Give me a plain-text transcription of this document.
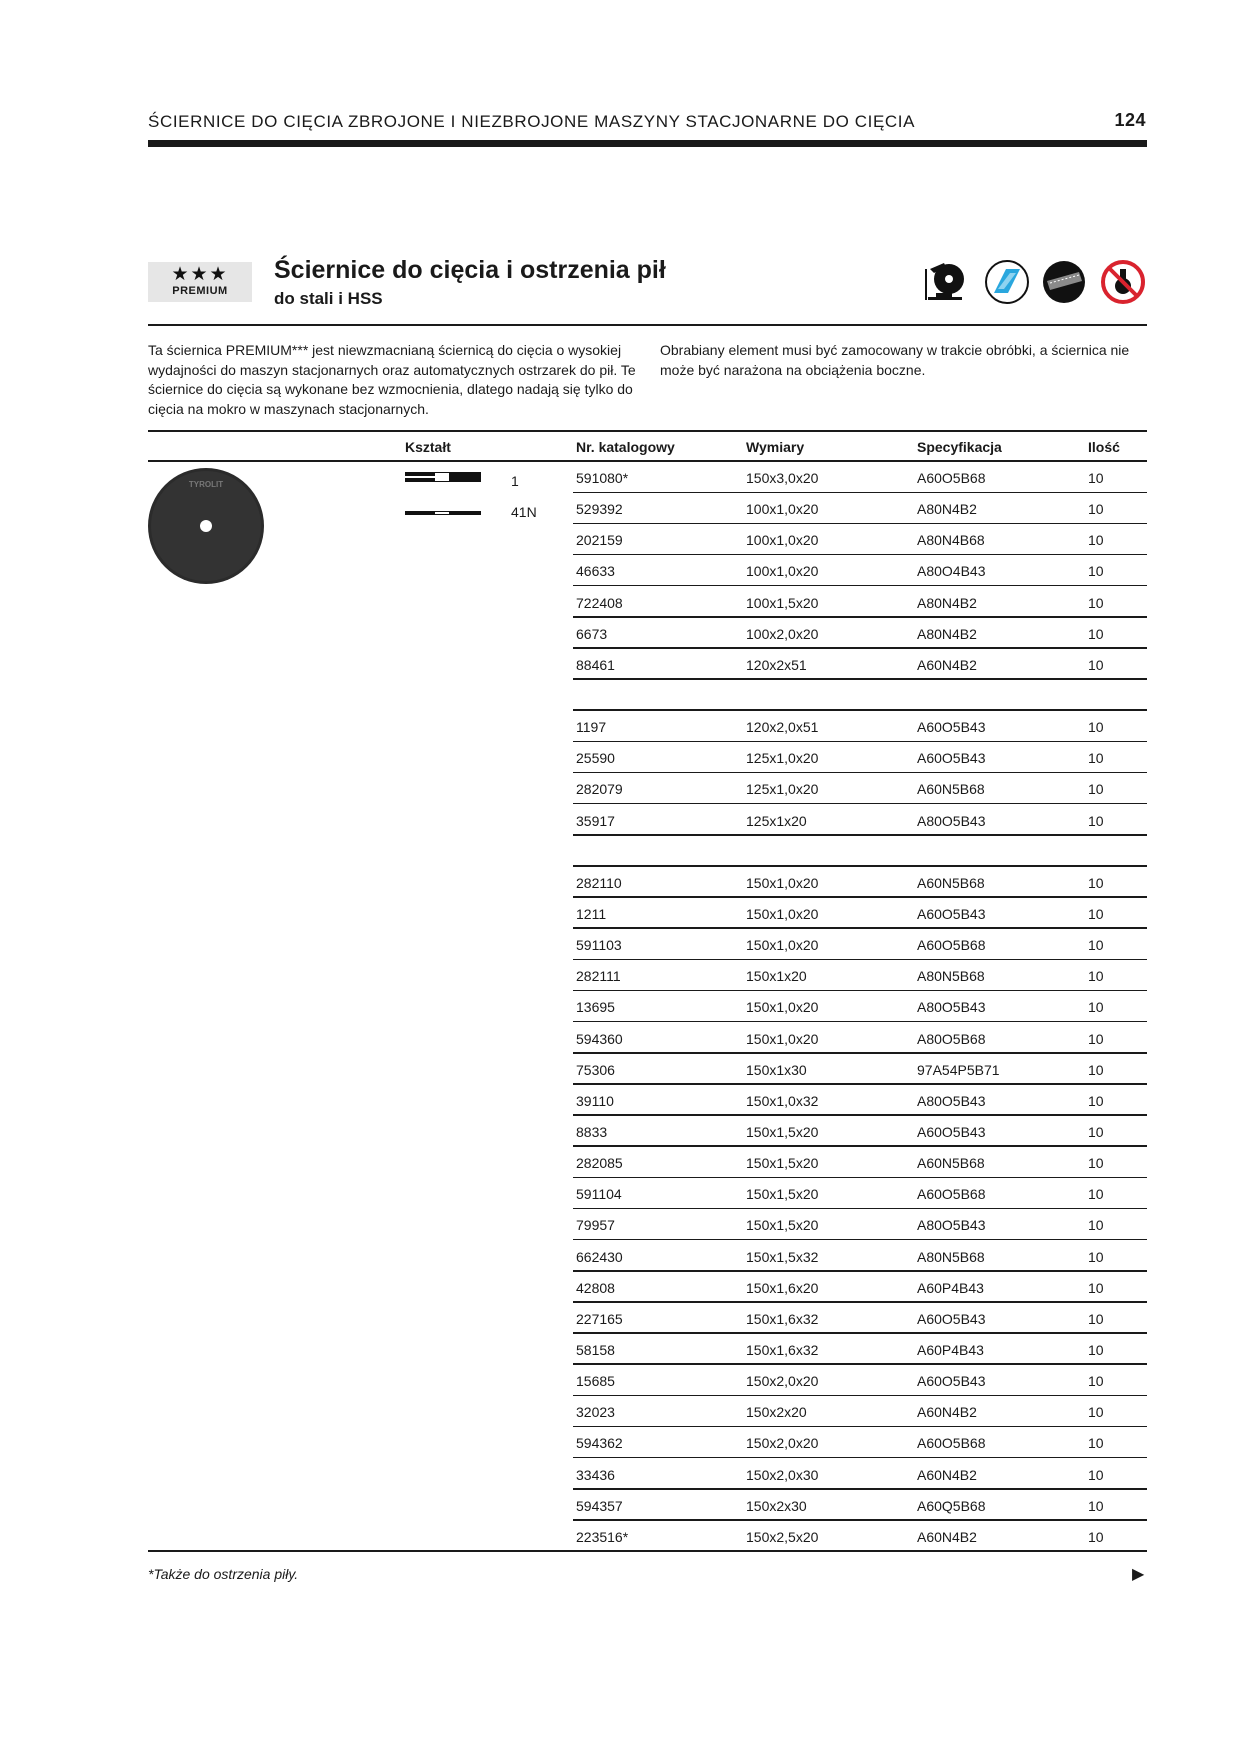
ŚCIERNICE DO CIĘCIA ZBROJONE I NIEZBROJONE MASZYNY STACJONARNE DO CIĘCIA	124
★★★
PREMIUM
Ściernice do cięcia i ostrzenia pił
do stali i HSS
Ta ściernica PREMIUM*** jest niewzmacnianą ściernicą do cięcia o wysokiej wydajności do maszyn stacjonarnych oraz automatycznych ostrzarek do pił. Te ściernice do cięcia są wykonane bez wzmocnienia, dlatego nadają się tylko do cięcia na mokro w maszynach stacjonarnych.
Obrabiany element musi być zamocowany w trakcie obróbki, a ściernica nie może być narażona na obciążenia boczne.
Kształt	Nr. katalogowy	Wymiary	Specyfikacja	Ilość
TYROLIT	1
41N
591080*	150x3,0x20	A60O5B68	10
529392	100x1,0x20	A80N4B2	10
202159	100x1,0x20	A80N4B68	10
46633	100x1,0x20	A80O4B43	10
722408	100x1,5x20	A80N4B2	10
6673	100x2,0x20	A80N4B2	10
88461	120x2x51	A60N4B2	10
1197	120x2,0x51	A60O5B43	10
25590	125x1,0x20	A60O5B43	10
282079	125x1,0x20	A60N5B68	10
35917	125x1x20	A80O5B43	10
282110	150x1,0x20	A60N5B68	10
1211	150x1,0x20	A60O5B43	10
591103	150x1,0x20	A60O5B68	10
282111	150x1x20	A80N5B68	10
13695	150x1,0x20	A80O5B43	10
594360	150x1,0x20	A80O5B68	10
75306	150x1x30	97A54P5B71	10
39110	150x1,0x32	A80O5B43	10
8833	150x1,5x20	A60O5B43	10
282085	150x1,5x20	A60N5B68	10
591104	150x1,5x20	A60O5B68	10
79957	150x1,5x20	A80O5B43	10
662430	150x1,5x32	A80N5B68	10
42808	150x1,6x20	A60P4B43	10
227165	150x1,6x32	A60O5B43	10
58158	150x1,6x32	A60P4B43	10
15685	150x2,0x20	A60O5B43	10
32023	150x2x20	A60N4B2	10
594362	150x2,0x20	A60O5B68	10
33436	150x2,0x30	A60N4B2	10
594357	150x2x30	A60Q5B68	10
223516*	150x2,5x20	A60N4B2	10
*Także do ostrzenia piły.	▶
